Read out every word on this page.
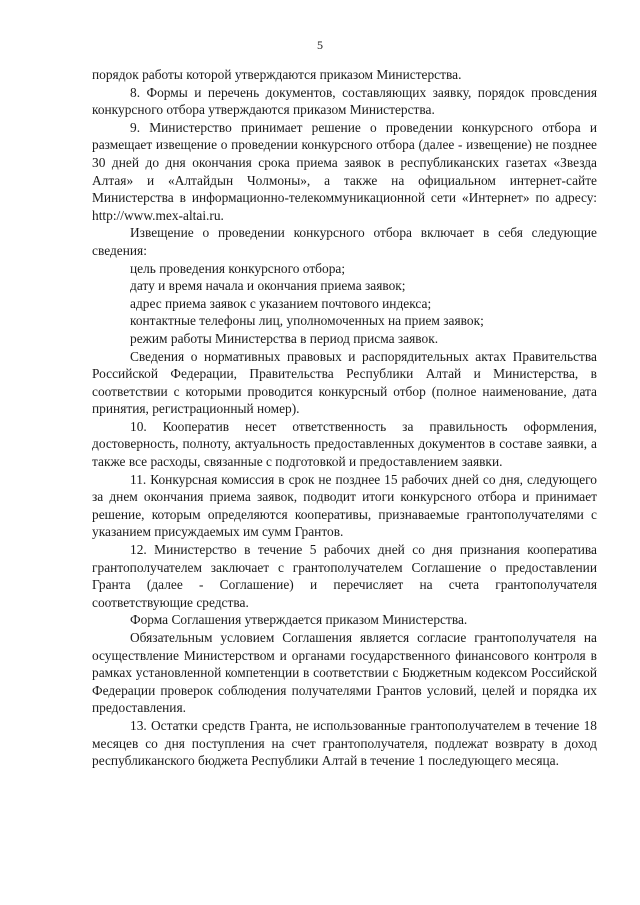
5

порядок работы которой утверждаются приказом Министерства.

8. Формы и перечень документов, составляющих заявку, порядок провсдения конкурсного отбора утверждаются приказом Министерства.

9. Министерство принимает решение о проведении конкурсного отбора и размещает извещение о проведении конкурсного отбора (далее - извещение) не позднее 30 дней до дня окончания срока приема заявок в республиканских газетах «Звезда Алтая» и «Алтайдын Чолмоны», а также на официальном интернет-сайте Министерства в информационно-телекоммуникационной сети «Интернет» по адресу: http://www.mex-altai.ru.

Извещение о проведении конкурсного отбора включает в себя следующие сведения:

цель проведения конкурсного отбора;

дату и время начала и окончания приема заявок;

адрес приема заявок с указанием почтового индекса;

контактные телефоны лиц, уполномоченных на прием заявок;

режим работы Министерства в период присма заявок.

Сведения о нормативных правовых и распорядительных актах Правительства Российской Федерации, Правительства Республики Алтай и Министерства, в соответствии с которыми проводится конкурсный отбор (полное наименование, дата принятия, регистрационный номер).

10. Кооператив несет ответственность за правильность оформления, достоверность, полноту, актуальность предоставленных документов в составе заявки, а также все расходы, связанные с подготовкой и предоставлением заявки.

11. Конкурсная комиссия в срок не позднее 15 рабочих дней со дня, следующего за днем окончания приема заявок, подводит итоги конкурсного отбора и принимает решение, которым определяются кооперативы, признаваемые грантополучателями с указанием присуждаемых им сумм Грантов.

12. Министерство в течение 5 рабочих дней со дня признания кооператива грантополучателем заключает с грантополучателем Соглашение о предоставлении Гранта (далее - Соглашение) и перечисляет на счета грантополучателя соответствующие средства.

Форма Соглашения утверждается приказом Министерства.

Обязательным условием Соглашения является согласие грантополучателя на осуществление Министерством и органами государственного финансового контроля в рамках установленной компетенции в соответствии с Бюджетным кодексом Российской Федерации проверок соблюдения получателями Грантов условий, целей и порядка их предоставления.

13. Остатки средств Гранта, не использованные грантополучателем в течение 18 месяцев со дня поступления на счет грантополучателя, подлежат возврату в доход республиканского бюджета Республики Алтай в течение 1 последующего месяца.
